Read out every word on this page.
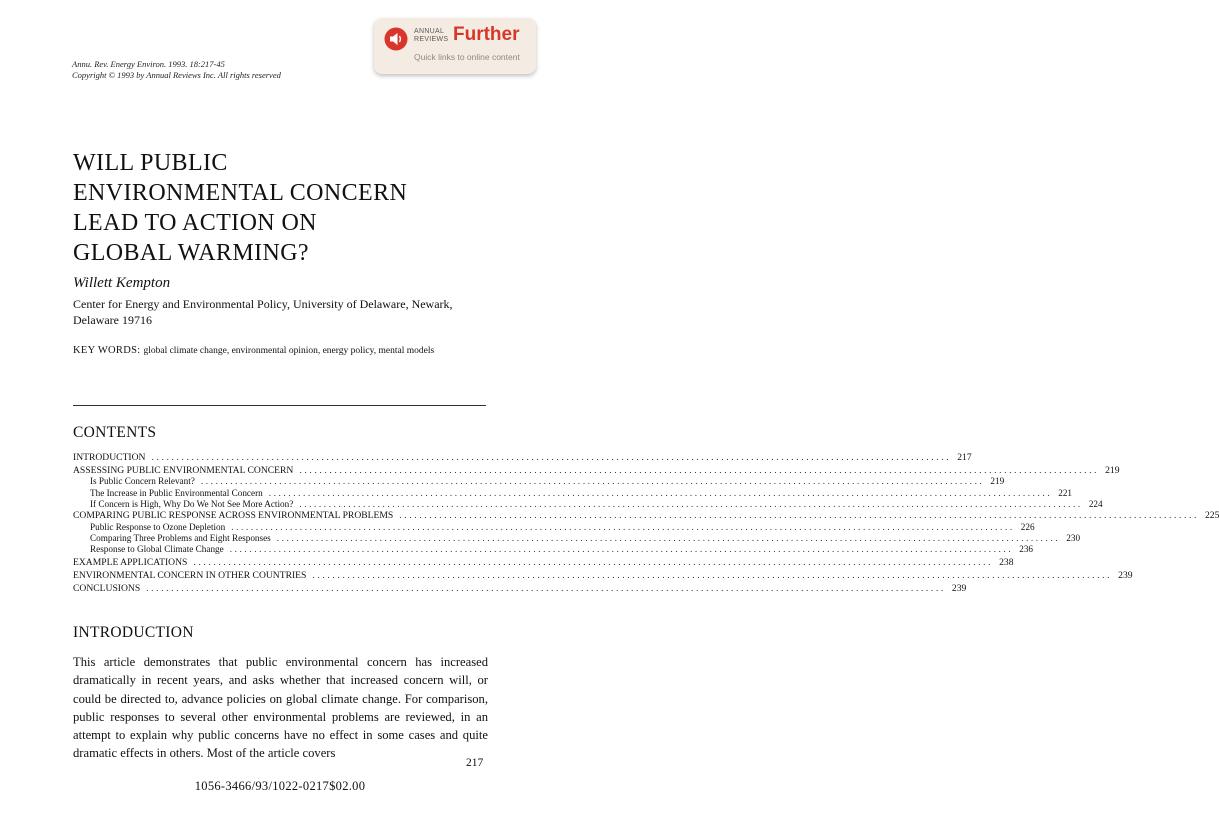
ANNUAL
REVIEWS Further
Quick links to online content
Annu. Rev. Energy Environ. 1993. 18:217-45
Copyright © 1993 by Annual Reviews Inc. All rights reserved
WILL PUBLIC
ENVIRONMENTAL CONCERN
LEAD TO ACTION ON
GLOBAL WARMING?
Willett Kempton
Center for Energy and Environmental Policy, University of Delaware, Newark,
Delaware 19716
KEY WORDS: global climate change, environmental opinion, energy policy, mental models
CONTENTS
INTRODUCTION ................................................................................................................................................................ 217
ASSESSING PUBLIC ENVIRONMENTAL CONCERN ................................................................................................................................................................ 219
Is Public Concern Relevant? ................................................................................................................................................................ 219
The Increase in Public Environmental Concern ................................................................................................................................................................ 221
If Concern is High, Why Do We Not See More Action? ................................................................................................................................................................ 224
COMPARING PUBLIC RESPONSE ACROSS ENVIRONMENTAL PROBLEMS ................................................................................................................................................................ 225
Public Response to Ozone Depletion ................................................................................................................................................................ 226
Comparing Three Problems and Eight Responses ................................................................................................................................................................ 230
Response to Global Climate Change ................................................................................................................................................................ 236
EXAMPLE APPLICATIONS ................................................................................................................................................................ 238
ENVIRONMENTAL CONCERN IN OTHER COUNTRIES ................................................................................................................................................................ 239
CONCLUSIONS ................................................................................................................................................................ 239
INTRODUCTION

This article demonstrates that public environmental concern has increased dramatically in recent years, and asks whether that increased concern will, or could be directed to, advance policies on global climate change. For comparison, public responses to several other environmental problems are reviewed, in an attempt to explain why public concerns have no effect in some cases and quite dramatic effects in others. Most of the article covers

217
1056-3466/93/1022-0217$02.00
